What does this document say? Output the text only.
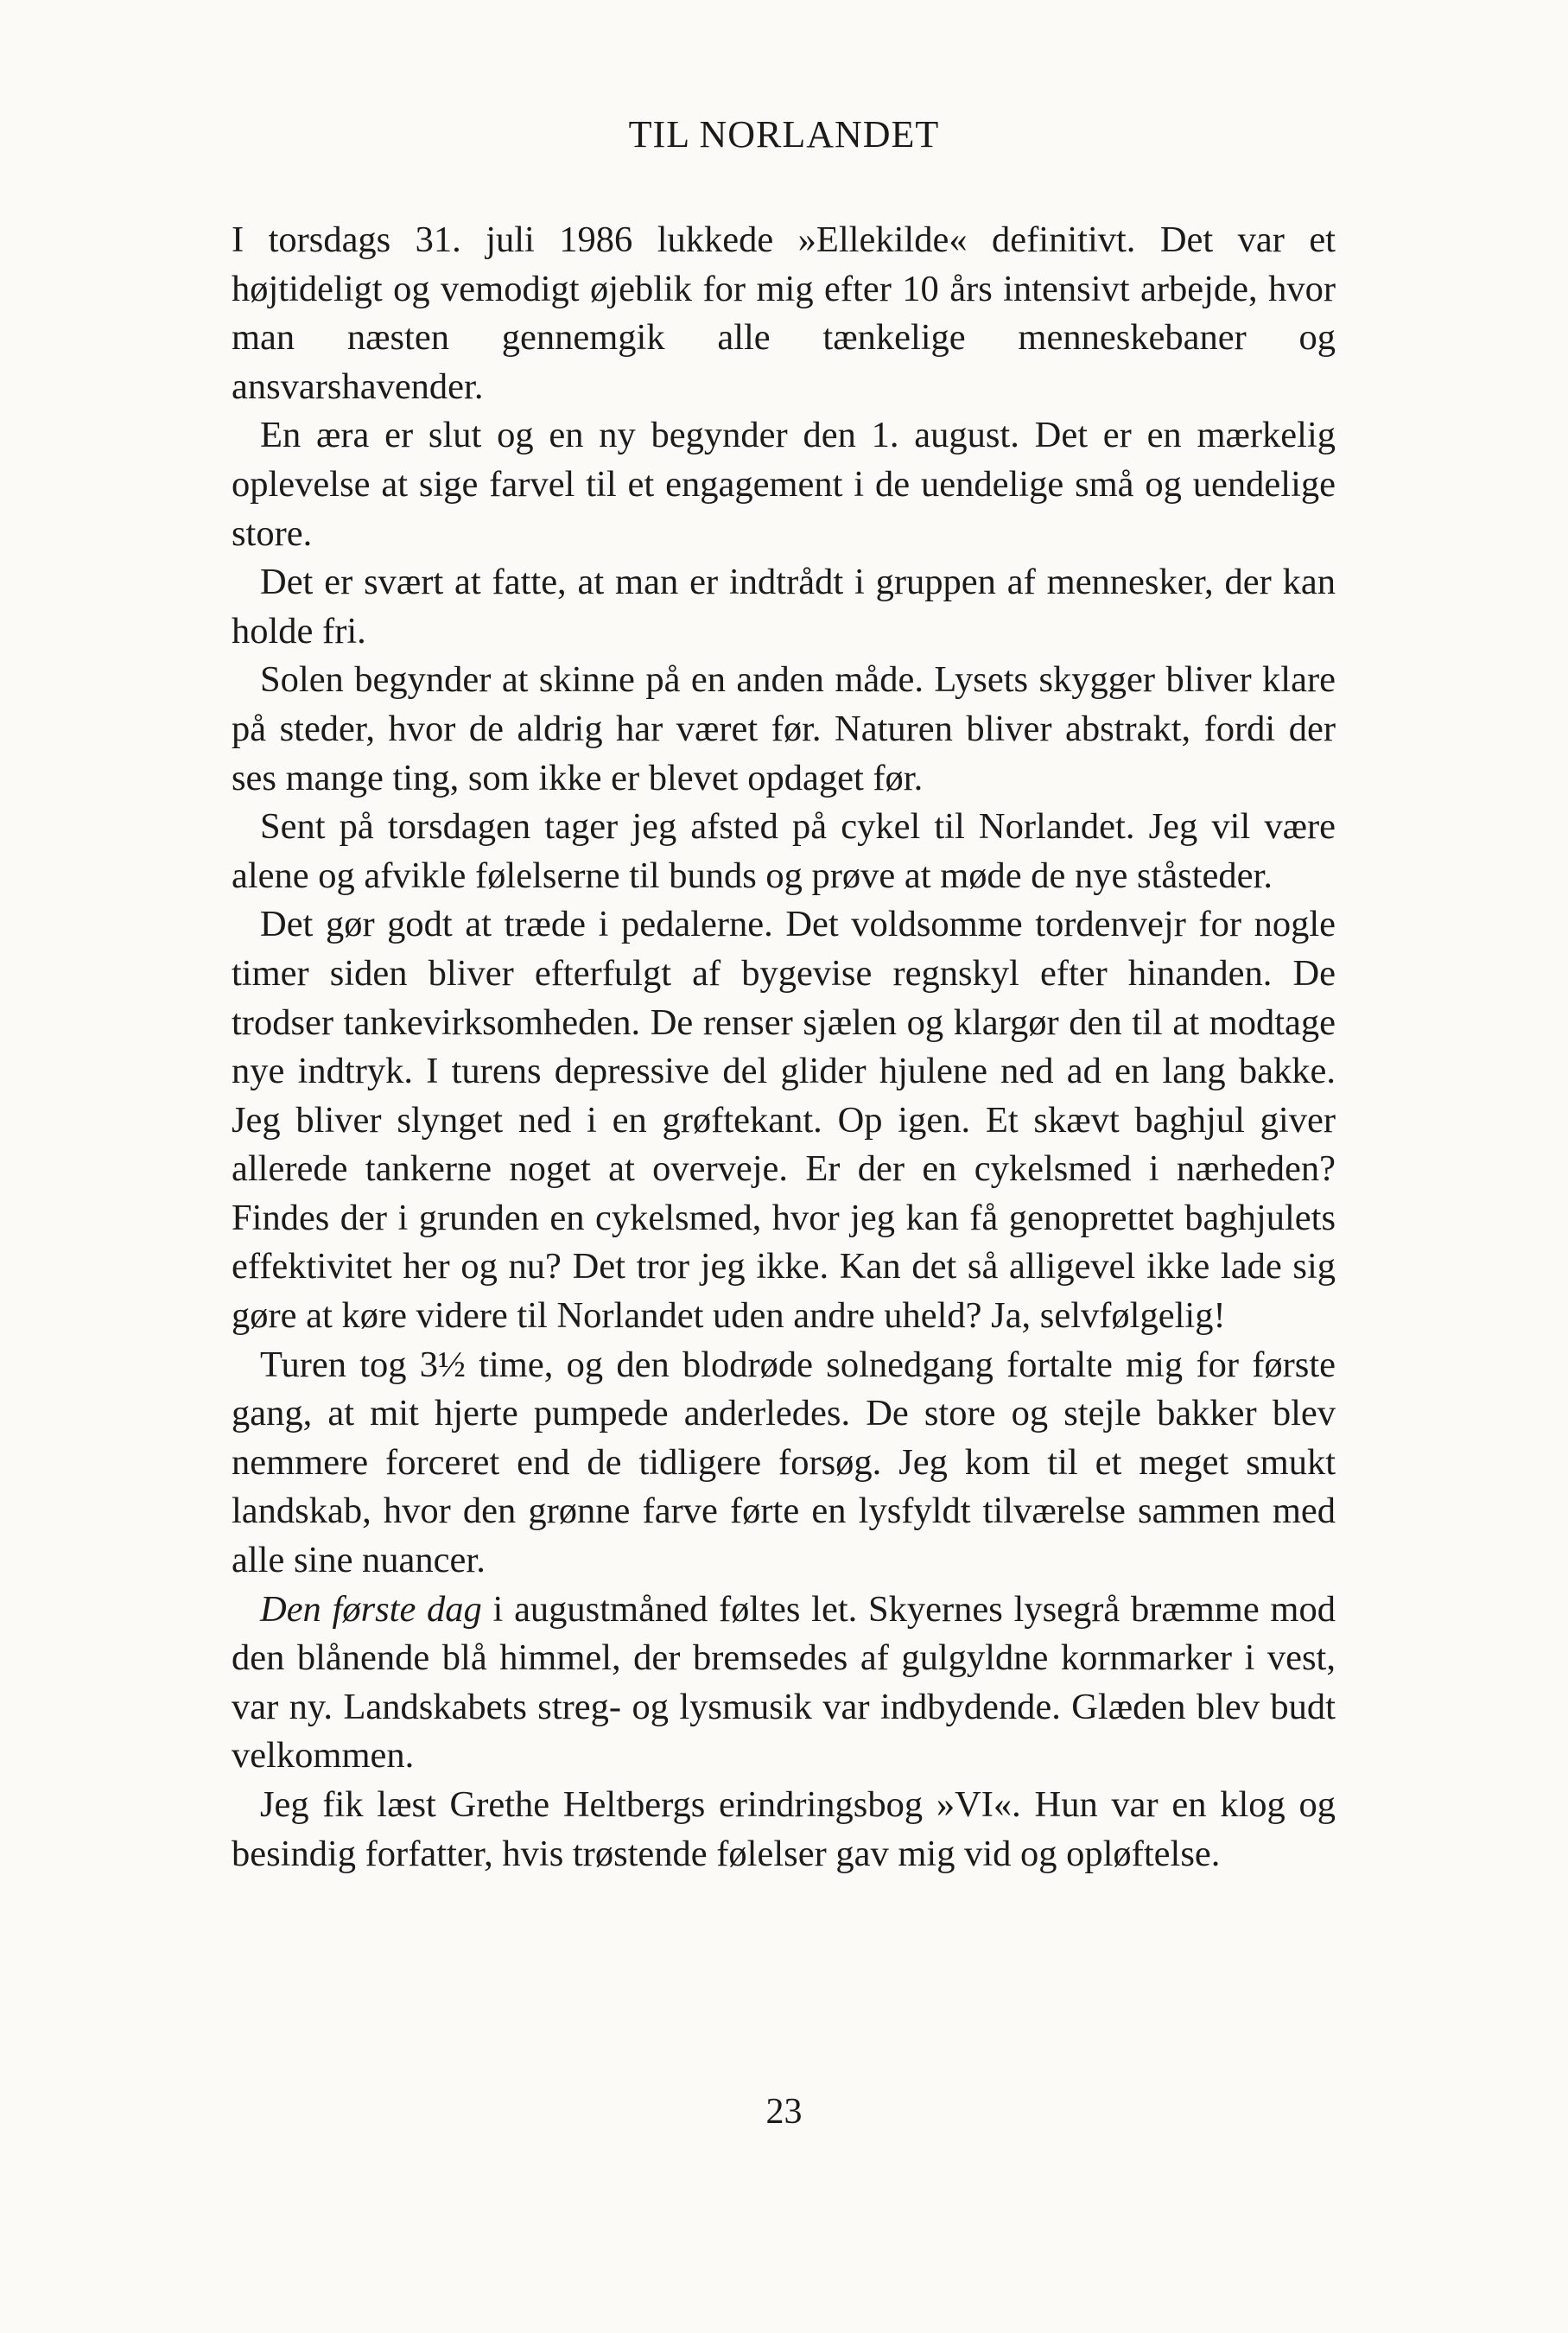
TIL NORLANDET

I torsdags 31. juli 1986 lukkede »Ellekilde« definitivt. Det var et højtideligt og vemodigt øjeblik for mig efter 10 års intensivt arbejde, hvor man næsten gennemgik alle tænkelige menneskebaner og ansvarshavender.

En æra er slut og en ny begynder den 1. august. Det er en mærkelig oplevelse at sige farvel til et engagement i de uendelige små og uendelige store.

Det er svært at fatte, at man er indtrådt i gruppen af mennesker, der kan holde fri.

Solen begynder at skinne på en anden måde. Lysets skygger bliver klare på steder, hvor de aldrig har været før. Naturen bliver abstrakt, fordi der ses mange ting, som ikke er blevet opdaget før.

Sent på torsdagen tager jeg afsted på cykel til Norlandet. Jeg vil være alene og afvikle følelserne til bunds og prøve at møde de nye ståsteder.

Det gør godt at træde i pedalerne. Det voldsomme tordenvejr for nogle timer siden bliver efterfulgt af bygevise regnskyl efter hinanden. De trodser tankevirksomheden. De renser sjælen og klargør den til at modtage nye indtryk. I turens depressive del glider hjulene ned ad en lang bakke. Jeg bliver slynget ned i en grøftekant. Op igen. Et skævt baghjul giver allerede tankerne noget at overveje. Er der en cykelsmed i nærheden? Findes der i grunden en cykelsmed, hvor jeg kan få genoprettet baghjulets effektivitet her og nu? Det tror jeg ikke. Kan det så alligevel ikke lade sig gøre at køre videre til Norlandet uden andre uheld? Ja, selvfølgelig!

Turen tog 3½ time, og den blodrøde solnedgang fortalte mig for første gang, at mit hjerte pumpede anderledes. De store og stejle bakker blev nemmere forceret end de tidligere forsøg. Jeg kom til et meget smukt landskab, hvor den grønne farve førte en lysfyldt tilværelse sammen med alle sine nuancer.

Den første dag i augustmåned føltes let. Skyernes lysegrå bræmme mod den blånende blå himmel, der bremsedes af gulgyldne kornmarker i vest, var ny. Landskabets streg- og lysmusik var indbydende. Glæden blev budt velkommen.

Jeg fik læst Grethe Heltbergs erindringsbog »VI«. Hun var en klog og besindig forfatter, hvis trøstende følelser gav mig vid og opløftelse.

23
